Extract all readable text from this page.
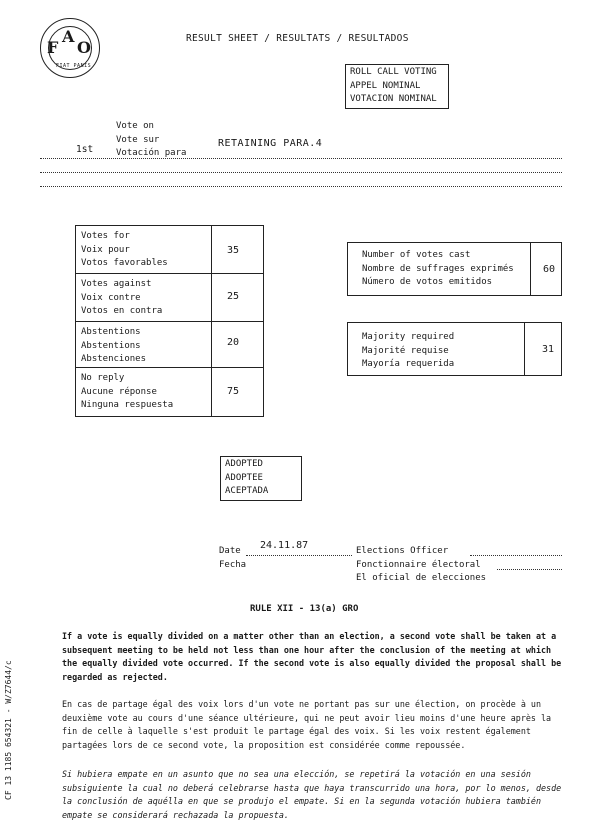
F
A
O
FIAT PANIS
RESULT SHEET / RESULTATS / RESULTADOS
ROLL CALL VOTING
APPEL NOMINAL
VOTACION NOMINAL
1st
Vote on
Vote sur
Votación para
RETAINING PARA.4
Votes for
Voix pour
Votos favorables
35
Votes against
Voix contre
Votos en contra
25
Abstentions
Abstentions
Abstenciones
20
No reply
Aucune réponse
Ninguna respuesta
75
Number of votes cast
Nombre de suffrages exprimés
Número de votos emitidos
60
Majority required
Majorité requise
Mayoría requerida
31
ADOPTED
ADOPTEE
ACEPTADA
Date
Fecha
24.11.87	Elections Officer
Fonctionnaire électoral
El oficial de elecciones
RULE XII - 13(a) GRO
If a vote is equally divided on a matter other than an election, a second vote shall be taken at a subsequent meeting to be held not less than one hour after the conclusion of the meeting at which the equally divided vote occurred. If the second vote is also equally divided the proposal shall be regarded as rejected.
En cas de partage égal des voix lors d'un vote ne portant pas sur une élection, on procède à un deuxième vote au cours d'une séance ultérieure, qui ne peut avoir lieu moins d'une heure après la fin de celle à laquelle s'est produit le partage égal des voix. Si les voix restent également partagées lors de ce second vote, la proposition est considérée comme repoussée.
Si hubiera empate en un asunto que no sea una elección, se repetirá la votación en una sesión subsiguiente la cual no deberá celebrarse hasta que haya transcurrido una hora, por lo menos, desde la conclusión de aquélla en que se produjo el empate. Si en la segunda votación hubiera también empate se considerará rechazada la propuesta.
CF 13 1185 654321 - W/Z7644/c
